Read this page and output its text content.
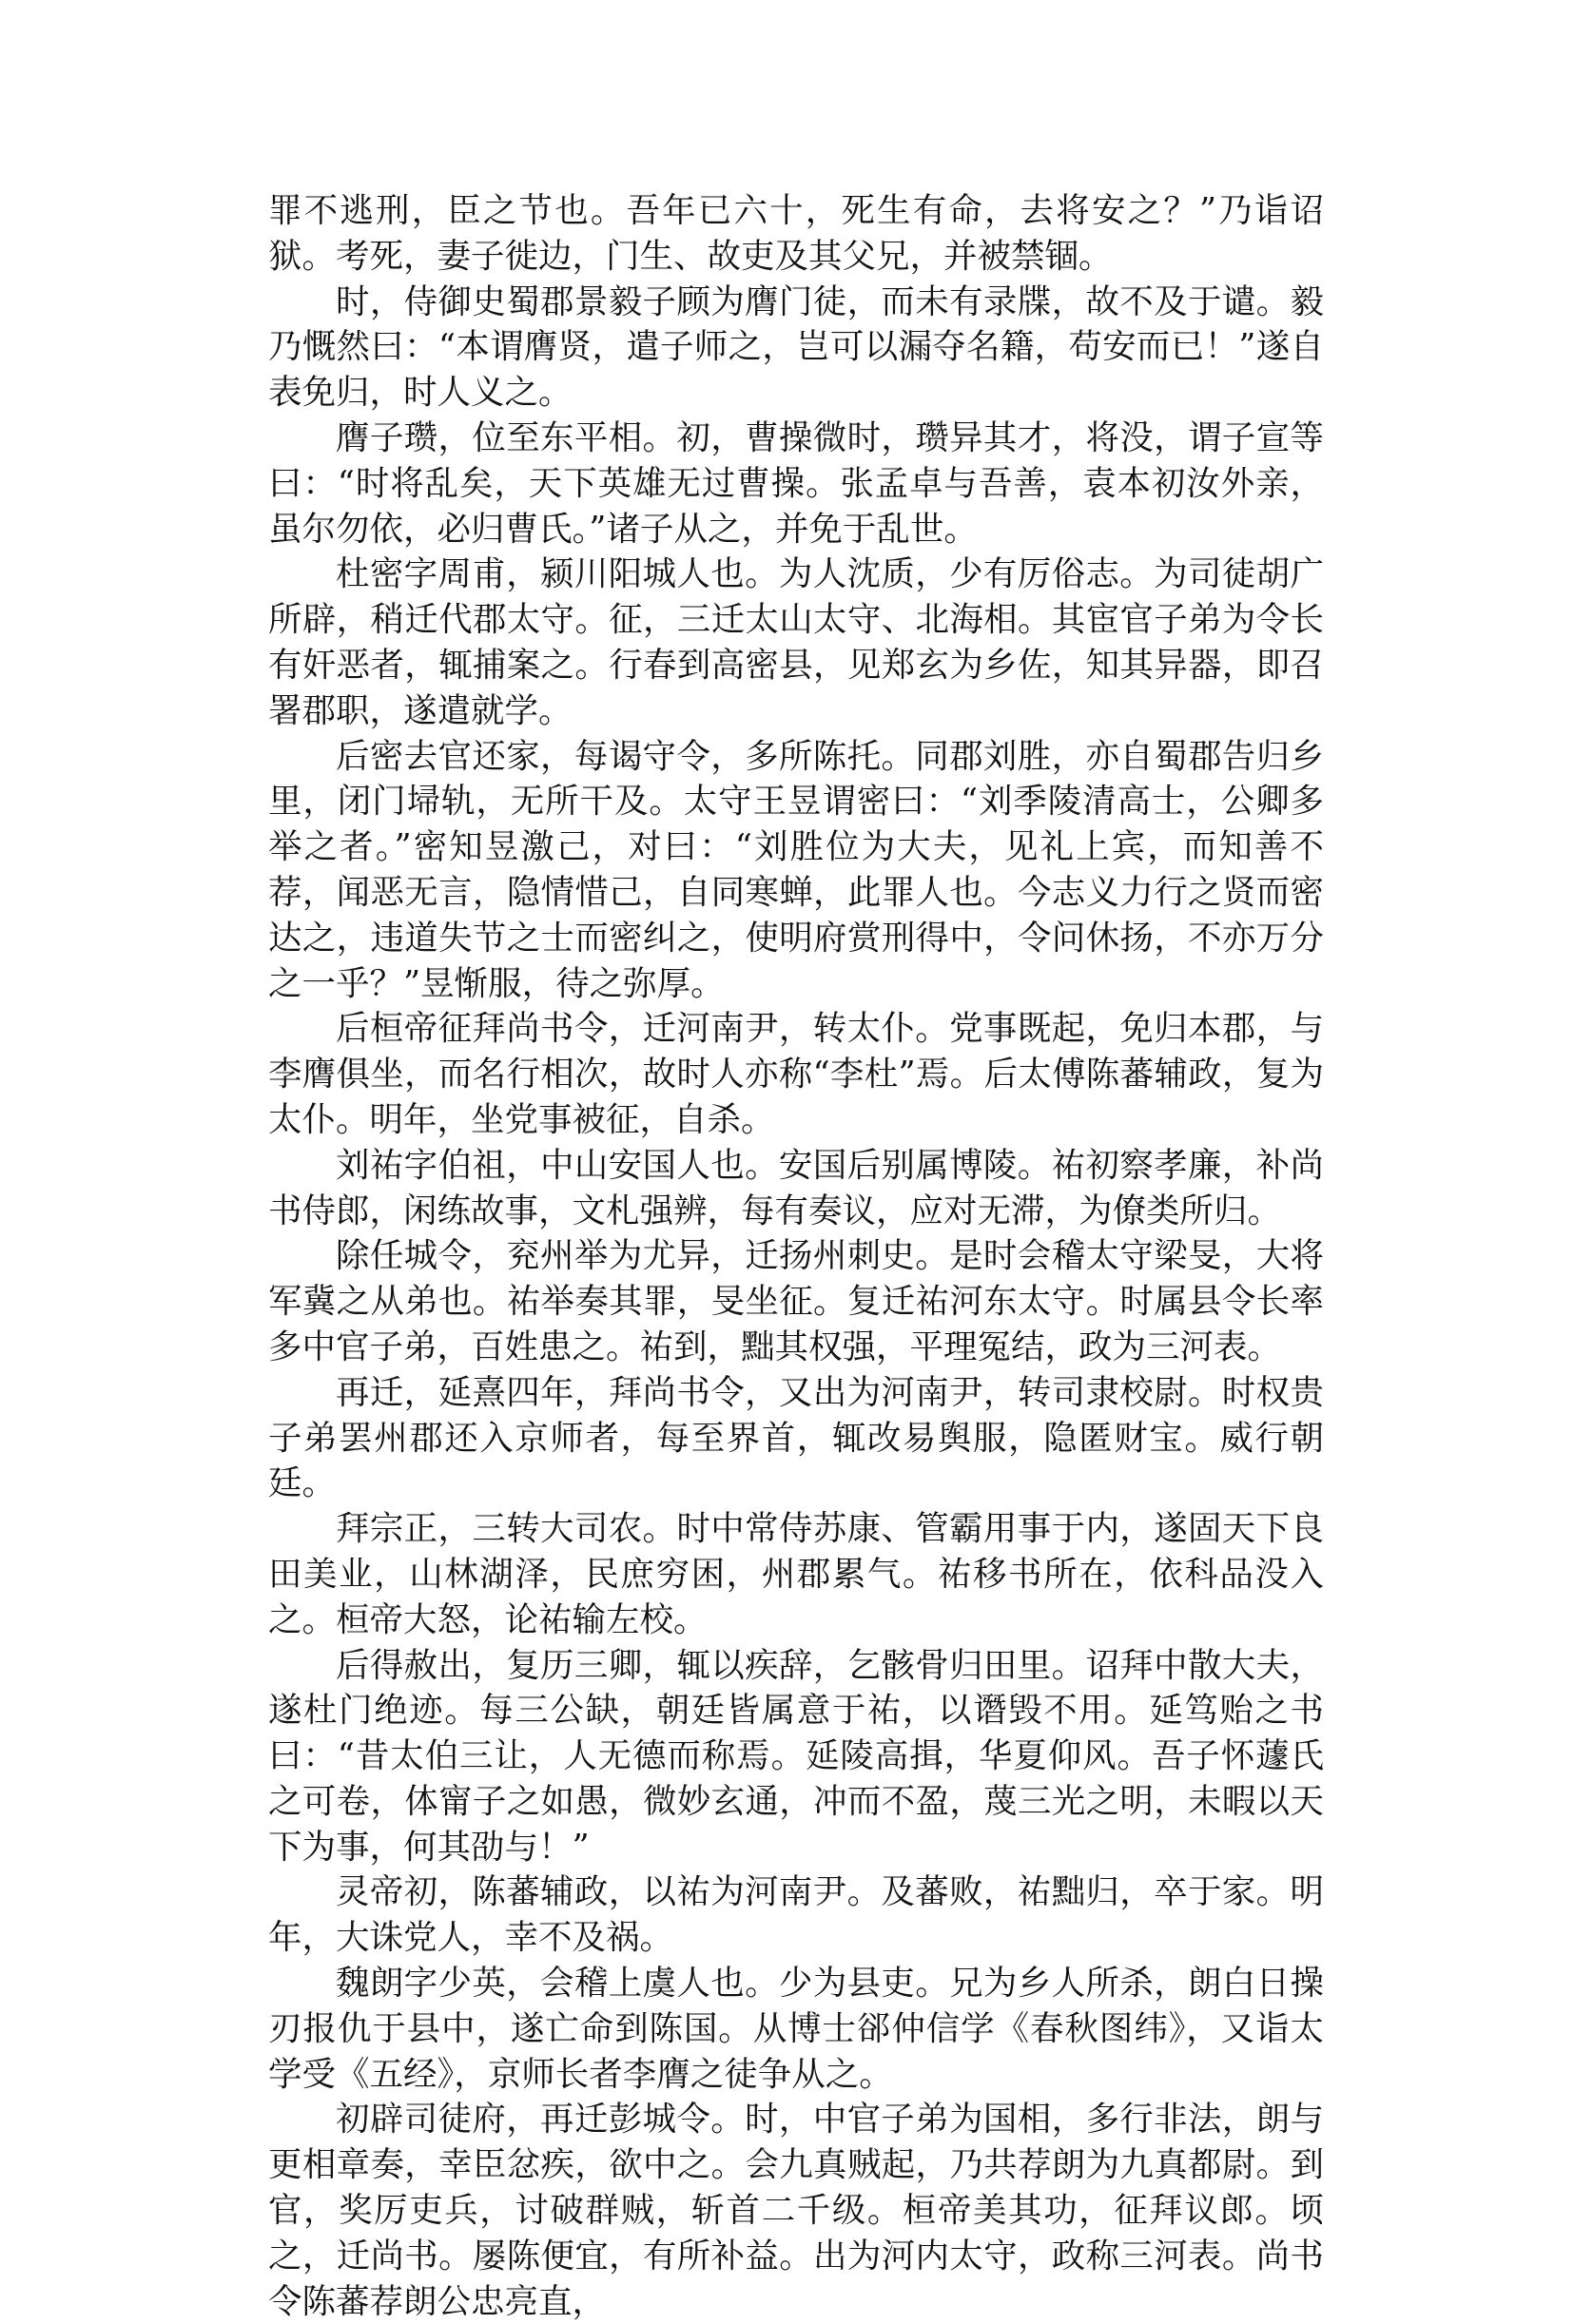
罪不逃刑，臣之节也。吾年已六十，死生有命，去将安之？”乃诣诏狱。考死，妻子徙边，门生、故吏及其父兄，并被禁锢。

时，侍御史蜀郡景毅子顾为膺门徒，而未有录牒，故不及于谴。毅乃慨然曰：“本谓膺贤，遣子师之，岂可以漏夺名籍，苟安而已！”遂自表免归，时人义之。

膺子瓒，位至东平相。初，曹操微时，瓒异其才，将没，谓子宣等曰：“时将乱矣，天下英雄无过曹操。张孟卓与吾善，袁本初汝外亲，虽尔勿依，必归曹氏。”诸子从之，并免于乱世。

杜密字周甫，颍川阳城人也。为人沈质，少有厉俗志。为司徒胡广所辟，稍迁代郡太守。征，三迁太山太守、北海相。其宦官子弟为令长有奸恶者，辄捕案之。行春到高密县，见郑玄为乡佐，知其异器，即召署郡职，遂遣就学。

后密去官还家，每谒守令，多所陈托。同郡刘胜，亦自蜀郡告归乡里，闭门埽轨，无所干及。太守王昱谓密曰：“刘季陵清高士，公卿多举之者。”密知昱激己，对曰：“刘胜位为大夫，见礼上宾，而知善不荐，闻恶无言，隐情惜己，自同寒蝉，此罪人也。今志义力行之贤而密达之，违道失节之士而密纠之，使明府赏刑得中，令问休扬，不亦万分之一乎？”昱惭服，待之弥厚。

后桓帝征拜尚书令，迁河南尹，转太仆。党事既起，免归本郡，与李膺俱坐，而名行相次，故时人亦称“李杜”焉。后太傅陈蕃辅政，复为太仆。明年，坐党事被征，自杀。

刘祐字伯祖，中山安国人也。安国后别属博陵。祐初察孝廉，补尚书侍郎，闲练故事，文札强辨，每有奏议，应对无滞，为僚类所归。

除任城令，兖州举为尤异，迁扬州刺史。是时会稽太守梁旻，大将军冀之从弟也。祐举奏其罪，旻坐征。复迁祐河东太守。时属县令长率多中官子弟，百姓患之。祐到，黜其权强，平理冤结，政为三河表。

再迁，延熹四年，拜尚书令，又出为河南尹，转司隶校尉。时权贵子弟罢州郡还入京师者，每至界首，辄改易舆服，隐匿财宝。威行朝廷。

拜宗正，三转大司农。时中常侍苏康、管霸用事于内，遂固天下良田美业，山林湖泽，民庶穷困，州郡累气。祐移书所在，依科品没入之。桓帝大怒，论祐输左校。

后得赦出，复历三卿，辄以疾辞，乞骸骨归田里。诏拜中散大夫，遂杜门绝迹。每三公缺，朝廷皆属意于祐，以谮毁不用。延笃贻之书曰：“昔太伯三让，人无德而称焉。延陵高揖，华夏仰风。吾子怀蘧氏之可卷，体甯子之如愚，微妙玄通，冲而不盈，蔑三光之明，未暇以天下为事，何其劭与！”

灵帝初，陈蕃辅政，以祐为河南尹。及蕃败，祐黜归，卒于家。明年，大诛党人，幸不及祸。

魏朗字少英，会稽上虞人也。少为县吏。兄为乡人所杀，朗白日操刃报仇于县中，遂亡命到陈国。从博士郤仲信学《春秋图纬》，又诣太学受《五经》，京师长者李膺之徒争从之。

初辟司徒府，再迁彭城令。时，中官子弟为国相，多行非法，朗与更相章奏，幸臣忿疾，欲中之。会九真贼起，乃共荐朗为九真都尉。到官，奖厉吏兵，讨破群贼，斩首二千级。桓帝美其功，征拜议郎。顷之，迁尚书。屡陈便宜，有所补益。出为河内太守，政称三河表。尚书令陈蕃荐朗公忠亮直，
